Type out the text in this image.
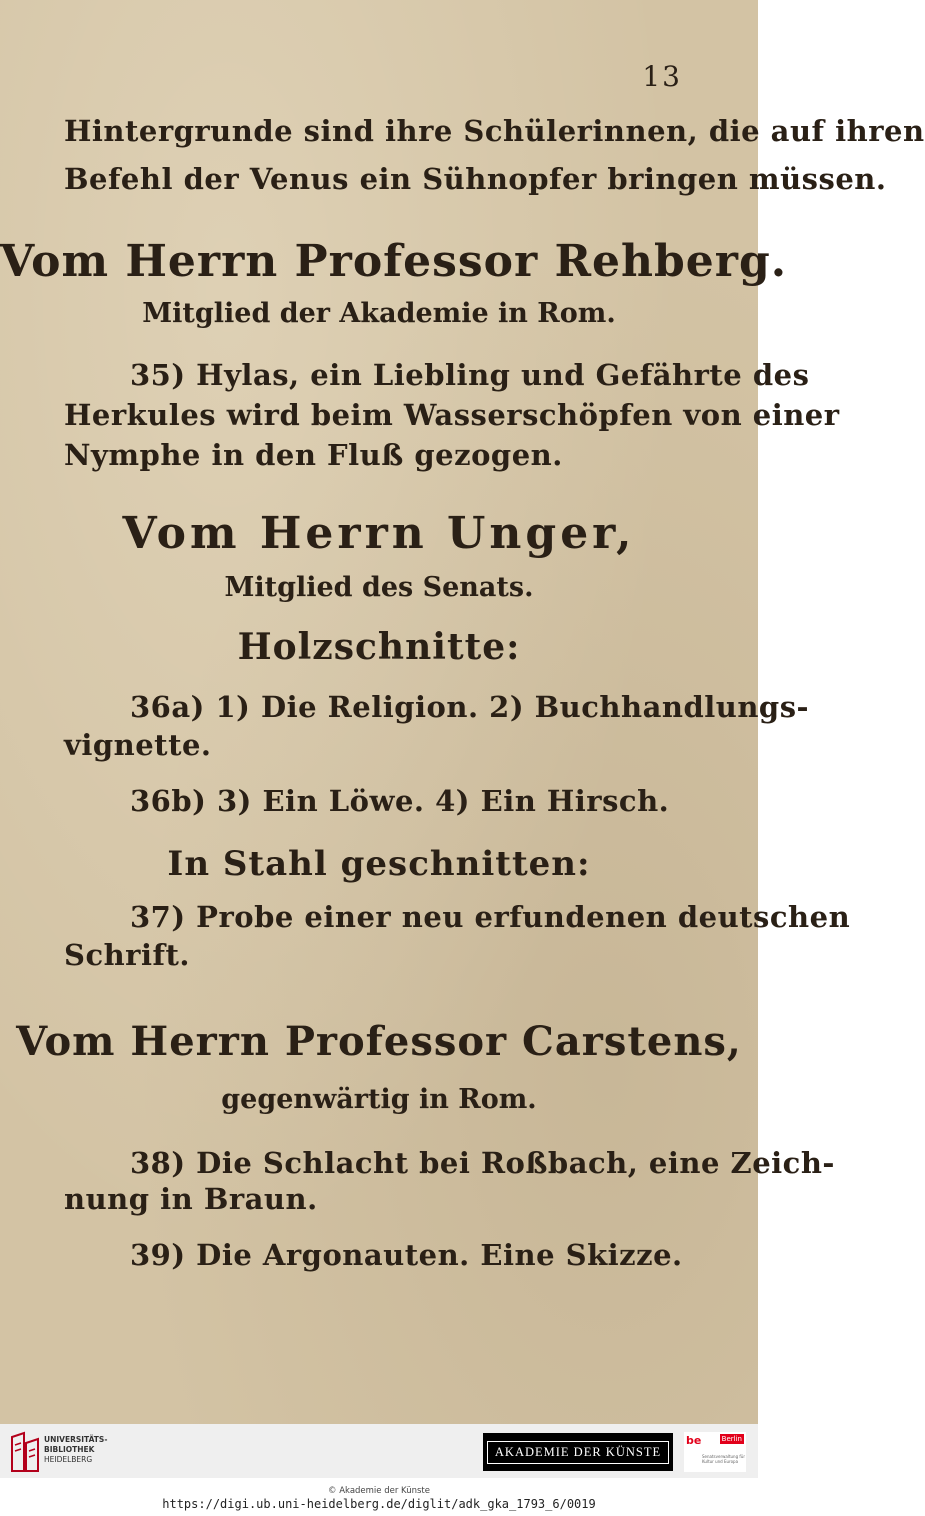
13
Hintergrunde sind ihre Schülerinnen, die auf ihren
Befehl der Venus ein Sühnopfer bringen müssen.
Vom Herrn Professor Rehberg.
Mitglied der Akademie in Rom.
35) Hylas, ein Liebling und Gefährte des
Herkules wird beim Wasserschöpfen von einer
Nymphe in den Fluß gezogen.
Vom Herrn Unger,
Mitglied des Senats.
Holzschnitte:
36a) 1) Die Religion. 2) Buchhandlungs-
vignette.
36b) 3) Ein Löwe. 4) Ein Hirsch.
In Stahl geschnitten:
37) Probe einer neu erfundenen deutschen
Schrift.
Vom Herrn Professor Carstens,
gegenwärtig in Rom.
38) Die Schlacht bei Roßbach, eine Zeich-
nung in Braun.
39) Die Argonauten. Eine Skizze.
UNIVERSITÄTS-
BIBLIOTHEK
HEIDELBERG
AKADEMIE DER KÜNSTE
be	Berlin
Senatsverwaltung für Kultur und Europa
© Akademie der Künste
https://digi.ub.uni-heidelberg.de/diglit/adk_gka_1793_6/0019
